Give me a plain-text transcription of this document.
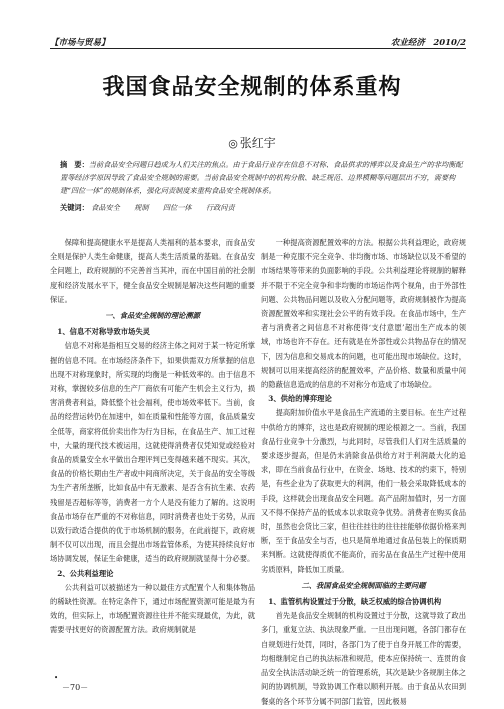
【市场与贸易】	农业经济　2010/2
我国食品安全规制的体系重构
◎ 张红宇
摘　要：当前食品安全问题日趋成为人们关注的焦点。由于食品行业存在信息不对称、食品供求的博弈以及食品生产的非均衡配置等经济学原因导致了食品安全规制的需要。当前食品安全规制中的机构分散、缺乏规范、边界模糊等问题层出不穷，需要构建“四位一体”的规制体系，强化问责制度来重构食品安全规制体系。
关键词： 食品安全 规制 四位一体 行政问责

保障和提高健康水平是提高人类福利的基本要求，而食品安全则是保护人类生命健康，提高人类生活质量的基础。在食品安全问题上，政府规制的不完善首当其冲，而在中国目前的社会制度和经济发展水平下，健全食品安全规制是解决这些问题的重要保证。

一、食品安全规制的理论溯源

1、信息不对称导致市场失灵

信息不对称是指相互交易的经济主体之间对于某一特定所掌握的信息不同。在市场经济条件下，如果供需双方所掌握的信息出现不对称现象时，所实现的均衡是一种低效率的。由于信息不对称，掌握较多信息的生产厂商依有可能产生机会主义行为，损害消费者利益，降低整个社会福利，使市场效率低下。当前，食品的经营运转仍在加速中，如在质量和性能等方面，食品质量安全低等，商家将低价卖出作为行为目标，在食品生产、加工过程中，大量的现代技术被运用，这就使得消费者仅凭知觉或经验对食品的质量安全水平做出合理评判已变得越来越不现实。其次，食品的价格长期由生产者或中间商所决定，关于食品的安全等级为生产者所垄断，比如食品中有无激素、是否含有抗生素、农药残留是否超标等等，消费者一方个人是没有能力了解的。这说明食品市场存在严重的不对称信息，同时消费者也处于劣势，从而以致行政适合提供的优于市场机制的服务，在此前提下，政府规制不仅可以出现，而且会提出市场监管体系，为使其持续良好市场协调发展，保证生命健康，适当的政府规制就显得十分必要。

2、公共利益理论

公共利益可以被描述为一种以最佳方式配置个人和集体物品的稀缺性资源。在特定条件下，通过市场配置资源可能是最为有效的，但实际上，市场配置资源往往并不能实现最优，为此，就需要寻找更好的资源配置方法。政府规制就是

一种提高资源配置效率的方法。根据公共利益理论，政府规制是一种克服不完全竞争、非均衡市场、市场缺位以及不希望的市场结果等带来的负面影响的手段。公共利益理论将规制的解释并不限于不完全竞争和非均衡的市场运作两个视角，由于外部性问题、公共物品问题以及收入分配问题等，政府规制被作为提高资源配置效率和实现社会公平的有效手段。在食品市场中，生产者与消费者之间信息不对称使得‘支付意愿’超出生产成本的领域，市场也许不存在。还有就是在外部性或公共物品存在的情况下，因为信息和交易成本的问题，也可能出现市场缺位。这时，规制可以用来提高经济的配置效率，产品价格、数量和质量中间的隐蔽信息造成的信息的不对称分布造成了市场缺位。

3、供给的博弈理论

提高附加价值水平是食品生产流通的主要目标。在生产过程中供给方的博弈，这也是政府规制的理论根源之一。当前，我国食品行业竞争十分激烈，与此同时，尽管我们人们对生活质量的要求逐步提高，但是仍未消除食品供给方对于利润最大化的追求，即在当前食品行业中，在资金、场地、技术的约束下，特别是，有些企业为了获取更大的利润，他们一般会采取降低成本的手段，这样就会出现食品安全问题。高产品附加值时，另一方面又不得不保持产品的低成本以求取竞争优势。消费者在购买食品时，虽然也会货比三家，但往往挂往的往往挂能够依据价格来判断，至于食品安全与否，也只是简单地通过食品包装上的保质期来判断。这就使得质优不能高价，而劣品在食品生产过程中使用劣质原料，降低加工质量。

二、我国食品安全规制面临的主要问题

1、监管机构设置过于分散，缺乏权威的综合协调机构

首先是食品安全规制的机构设置过于分散，这就导致了政出多门，重复立法、执法现象严重。一旦出现问题，各部门都存在自规划进行处罚，同时，各部门为了使于自身开展工作的需要，均相继制定自己的执法标准和规范，使本应保持统一、连贯的食品安全执法活动缺乏统一的管理系统，其次是缺少各规制主体之间的协调机制，导致协调工作难以顺利开展。由于食品从农田到餐桌的各个环节分属不同部门监管，因此极易

•
－70－
